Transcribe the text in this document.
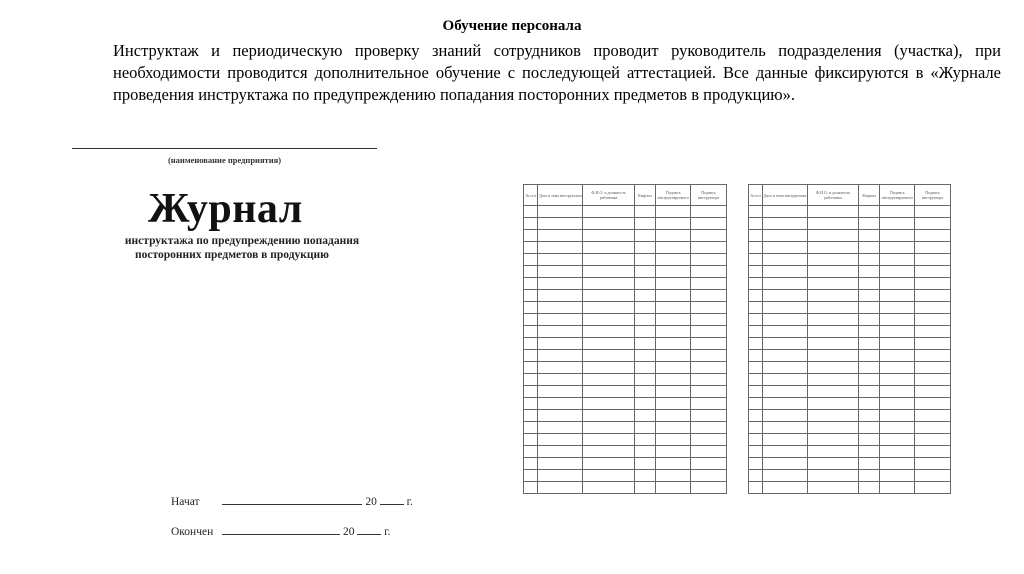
Обучение персонала
Инструктаж и периодическую проверку знаний сотрудников проводит руководитель подразделения (участка), при необходимости проводится дополнительное обучение с последующей аттестацией. Все данные фиксируются в «Журнале проведения инструктажа по предупреждению попадания посторонних предметов в продукцию».
(наименование предприятия)
Журнал
инструктажа по предупреждению попадания
посторонних предметов в продукцию
Начат	20	г.
Окончен	20	г.
№ п/п	Дата и тема инструктажа	Ф.И.О. и должность работника	Квартал	Подпись инструктируемого	Подпись инструктора

						№ п/п	Дата и тема инструктажа	Ф.И.О. и должность работника	Квартал	Подпись инструктируемого	Подпись инструктора
